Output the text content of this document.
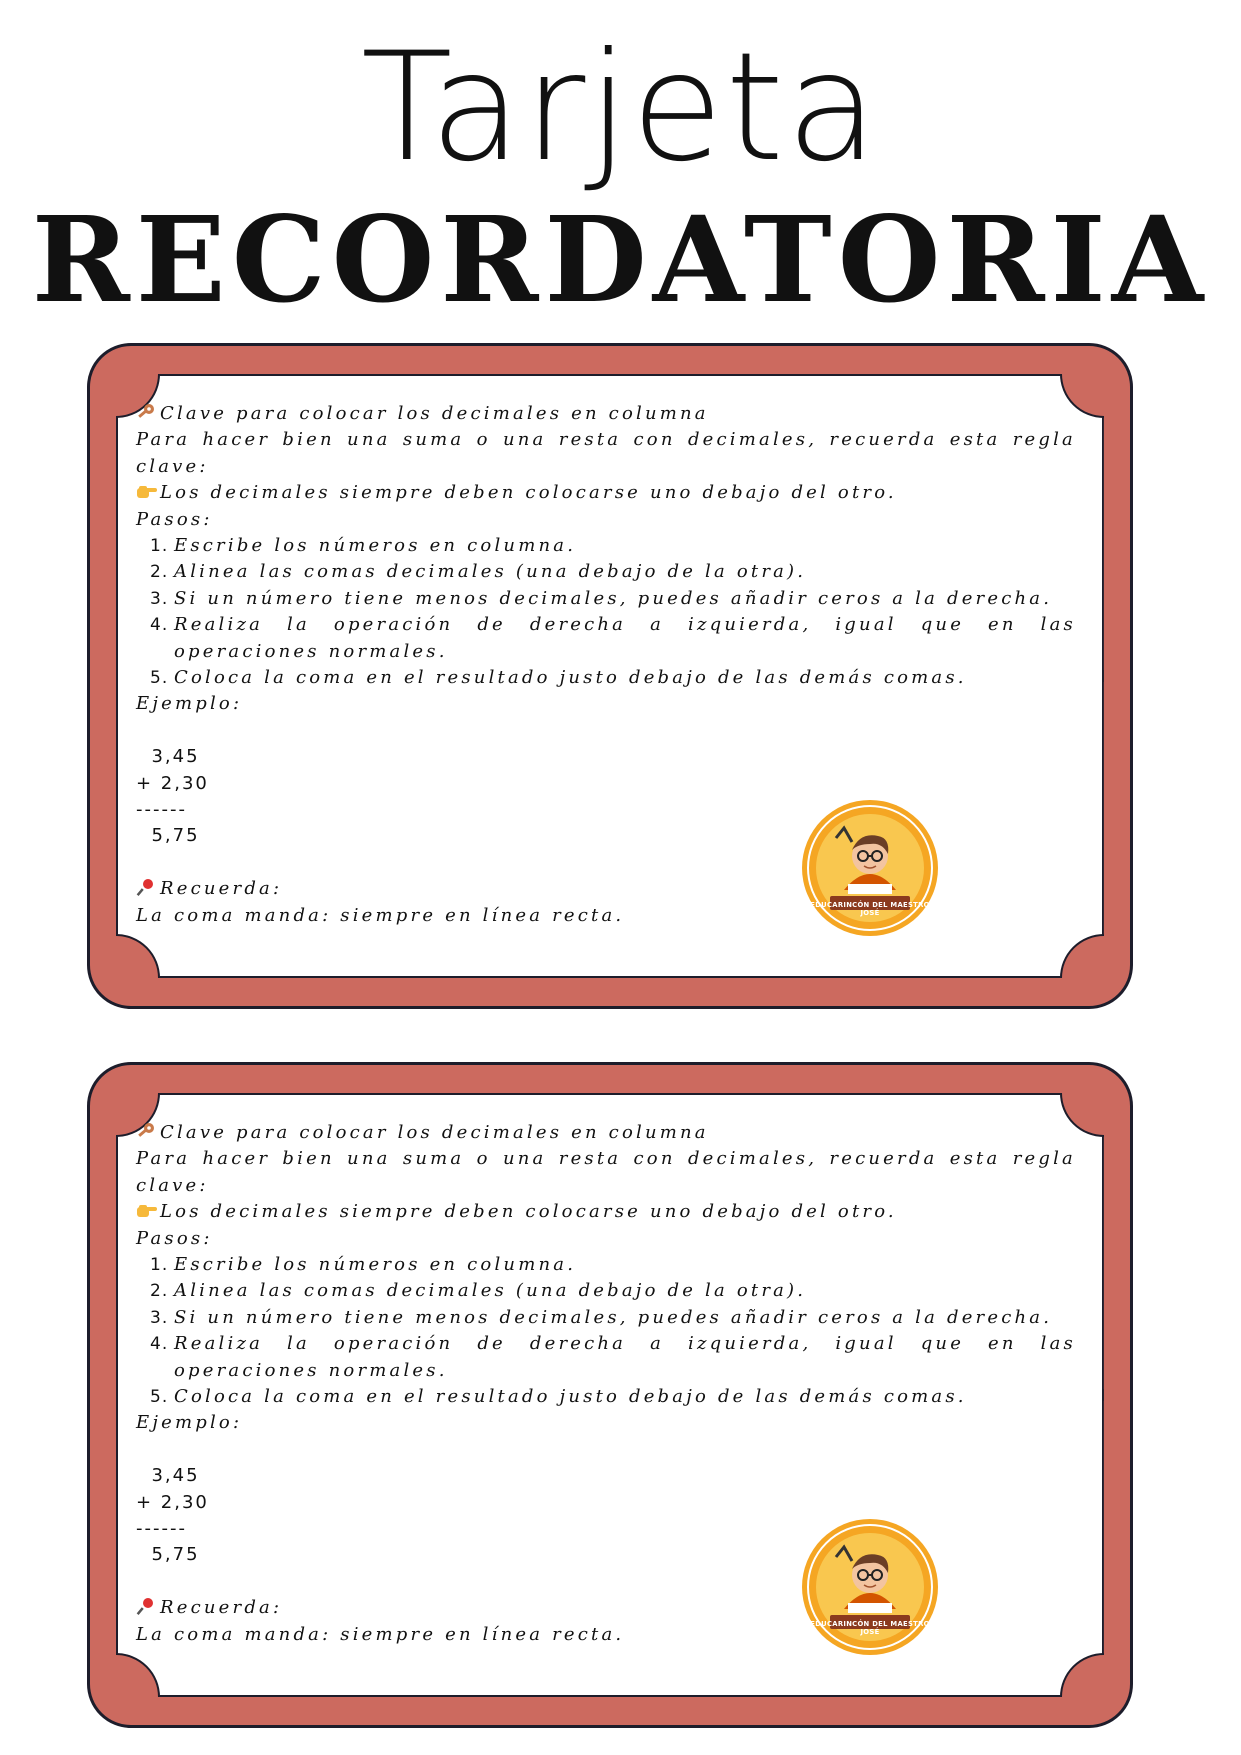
Tarjeta
RECORDATORIA
Clave para colocar los decimales en columna
Para hacer bien una suma o una resta con decimales, recuerda esta regla
clave:
Los decimales siempre deben colocarse uno debajo del otro.
Pasos:
1. Escribe los números en columna.
2. Alinea las comas decimales (una debajo de la otra).
3. Si un número tiene menos decimales, puedes añadir ceros a la derecha.
4. Realiza la operación de derecha a izquierda, igual que en las
operaciones normales.
5. Coloca la coma en el resultado justo debajo de las demás comas.
Ejemplo:
3,45
+ 2,30
------
5,75
Recuerda:
La coma manda: siempre en línea recta.	EDUCARINCÓN DEL MAESTRO JOSÉ
Clave para colocar los decimales en columna
Para hacer bien una suma o una resta con decimales, recuerda esta regla
clave:
Los decimales siempre deben colocarse uno debajo del otro.
Pasos:
1. Escribe los números en columna.
2. Alinea las comas decimales (una debajo de la otra).
3. Si un número tiene menos decimales, puedes añadir ceros a la derecha.
4. Realiza la operación de derecha a izquierda, igual que en las
operaciones normales.
5. Coloca la coma en el resultado justo debajo de las demás comas.
Ejemplo:
3,45
+ 2,30
------
5,75
Recuerda:
La coma manda: siempre en línea recta.	EDUCARINCÓN DEL MAESTRO JOSÉ
